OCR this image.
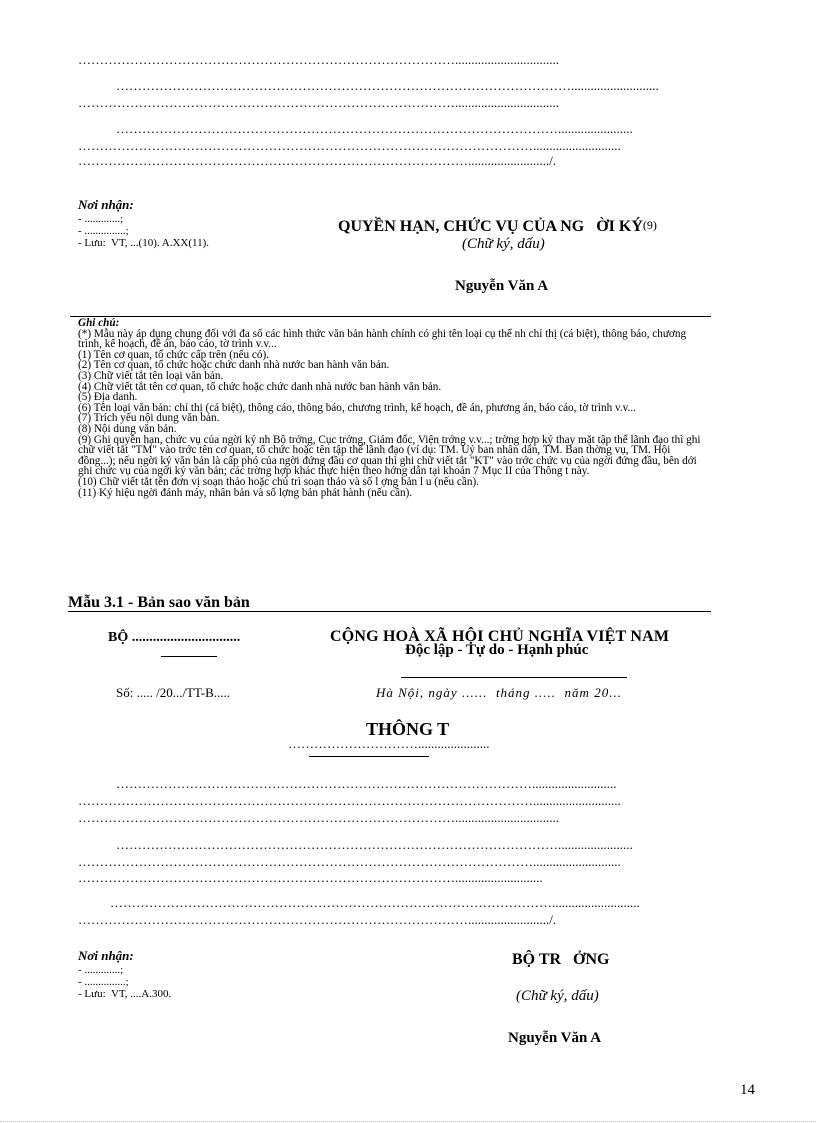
……………………………………………………………………………................................
……………………………………………………………………………………………...........................
……………………………………………………………………………................................
………………………………………………………………………………………….......................
……………………………………………………………………………………………...........................
………………………………………………………………………………........................./.
Nơi nhận:
- .............;
- ...............;
- Lưu:  VT, ...(10). A.XX(11).

QUYỀN HẠN, CHỨC VỤ CỦA NG   ỜI KÝ(9)

(Chữ ký, dấu)
Nguyễn Văn A
Ghi chú:
(*) Mẫu này áp dụng chung đối với đa số các hình thức văn bản hành chính có ghi tên loại cụ thể nh chỉ thị (cá biệt), thông báo, chương trình, kế hoạch, đề án, báo cáo, tờ trình v.v...
(1) Tên cơ quan, tổ chức cấp trên (nếu có).
(2) Tên cơ quan, tổ chức hoặc chức danh nhà nước ban hành văn bản.
(3) Chữ viết tắt tên loại văn bản.
(4) Chữ viết tắt tên cơ quan, tổ chức hoặc chức danh nhà nước ban hành văn bản.
(5) Địa danh.
(6) Tên loại văn bản: chỉ thị (cá biệt), thông cáo, thông báo, chương trình, kế hoạch, đề án, phương án, báo cáo, tờ trình v.v...
(7) Trích yếu nội dung văn bản.
(8) Nội dung văn bản.
(9) Ghi quyền hạn, chức vụ của ngời ký nh Bộ trởng, Cục trởng, Giám đốc, Viện trởng v.v...; trờng hợp ký thay mặt tập thể lãnh đạo thì ghi chữ viết tắt "TM" vào trớc tên cơ quan, tổ chức hoặc tên tập thể lãnh đạo (ví dụ: TM. Uỷ ban nhân dân, TM. Ban thờng vụ, TM. Hội đồng...); nếu ngời ký văn bản là cấp phó của ngời đứng đầu cơ quan thì ghi chữ viết tắt "KT" vào trớc chức vụ của ngời đứng đầu, bên dới ghi chức vụ của ngời ký văn bản; các trờng hợp khác thực hiện theo hớng dẫn tại khoản 7 Mục II của Thông t này.
(10) Chữ viết tắt tên đơn vị soạn thảo hoặc chủ trì soạn thảo và số l ợng bản l u (nếu cần).
(11) Ký hiệu ngời đánh máy, nhân bản và số lợng bản phát hành (nếu cần).
Mẫu 3.1 - Bản sao văn bản
BỘ ...............................	CỘNG HOÀ XÃ HỘI CHỦ NGHĨA VIỆT NAM
Độc lập - Tự do - Hạnh phúc
Số: ..... /20.../TT-B.....	Hà Nội, ngày ......  tháng .....  năm 20...
THÔNG T
…………………………......................
……………………………………………………………………………………..........................
……………………………………………………………………………………………...........................
……………………………………………………………………………................................
………………………………………………………………………………………….......................
……………………………………………………………………………………………...........................
……………………………………………………………………………...........................
…………………………………………………………………………………………...........................
………………………………………………………………………………........................./.
Nơi nhận:
- .............;
- ...............;
- Lưu:  VT, ....A.300.
BỘ TR   ỞNG
(Chữ ký, dấu)
Nguyễn Văn A
14
